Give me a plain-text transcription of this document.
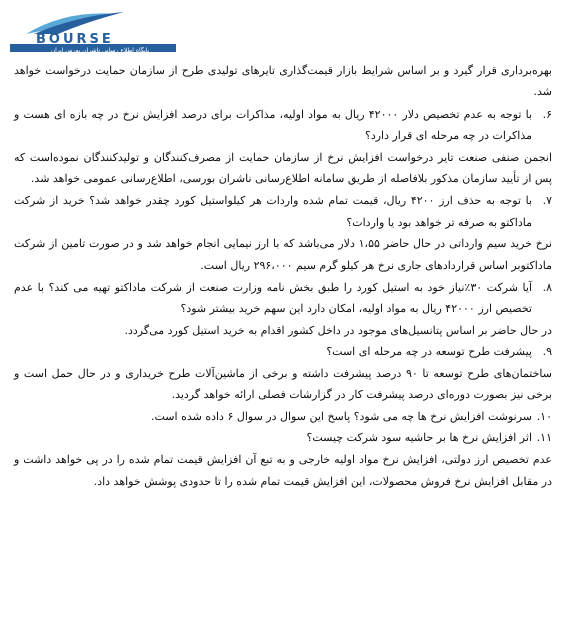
BOURSE
پایگاه اطلاع رسانی ناشران بورس ایران

بهره‌برداری قرار گیرد و بر اساس شرایط بازار قیمت‌گذاری تایرهای تولیدی طرح از سازمان حمایت درخواست خواهد شد.

۶.
با توجه به عدم تخصیص دلار ۴۲۰۰۰ ریال به مواد اولیه، مذاکرات برای درصد افزایش نرخ در چه بازه ای هست و مذاکرات در چه مرحله ای قرار دارد؟

انجمن صنفی صنعت تایر درخواست افزایش نرخ از سازمان حمایت از مصرف‌کنندگان و تولیدکنندگان نموده‌است که پس از تأیید سازمان مذکور بلافاصله از طریق سامانه اطلاع‌رسانی ناشران بورسی، اطلاع‌رسانی عمومی خواهد شد.

۷.
با توجه به حذف ارز ۴۲۰۰ ریال، قیمت تمام شده واردات هر کیلواستیل کورد چقدر خواهد شد؟ خرید از شرکت ماداکتو به صرفه تر خواهد بود یا واردات؟

نرخ خرید سیم وارداتی در حال حاضر ۱،۵۵ دلار می‌باشد که با ارز نیمایی انجام خواهد شد و در صورت تامین از شرکت ماداکتوبر اساس قراردادهای جاری نرخ هر کیلو گرم سیم ۲۹۶،۰۰۰ ریال است.

۸.
آیا شرکت ۳۰٪نیاز خود به استیل کورد را طبق بخش نامه وزارت صنعت از شرکت ماداکتو تهیه می کند؟ با عدم تخصیص ارز ۴۲۰۰۰ ریال به مواد اولیه، امکان دارد این سهم خرید بیشتر شود؟

در حال حاضر بر اساس پتانسیل‌های موجود در داخل کشور اقدام به خرید استیل کورد می‌گردد.

۹.
پیشرفت طرح توسعه در چه مرحله ای است؟

ساختمان‌های طرح توسعه تا ۹۰ درصد پیشرفت داشته و برخی از ماشین‌آلات طرح خریداری و در حال حمل است و برخی نیز بصورت دوره‌ای درصد پیشرفت کار در گزارشات فصلی ارائه خواهد گردید.

۱۰.
سرنوشت افزایش نرخ ها چه می شود؟ پاسخ این سوال در سوال ۶ داده شده است.
۱۱.
اثر افزایش نرخ ها بر حاشیه سود شرکت چیست؟

عدم تخصیص ارز دولتی، افزایش نرخ مواد اولیه خارجی و به تبع آن افزایش قیمت تمام شده را در پی خواهد داشت و در مقابل افزایش نرخ فروش محصولات، این افزایش قیمت تمام شده را تا حدودی پوشش خواهد داد.
